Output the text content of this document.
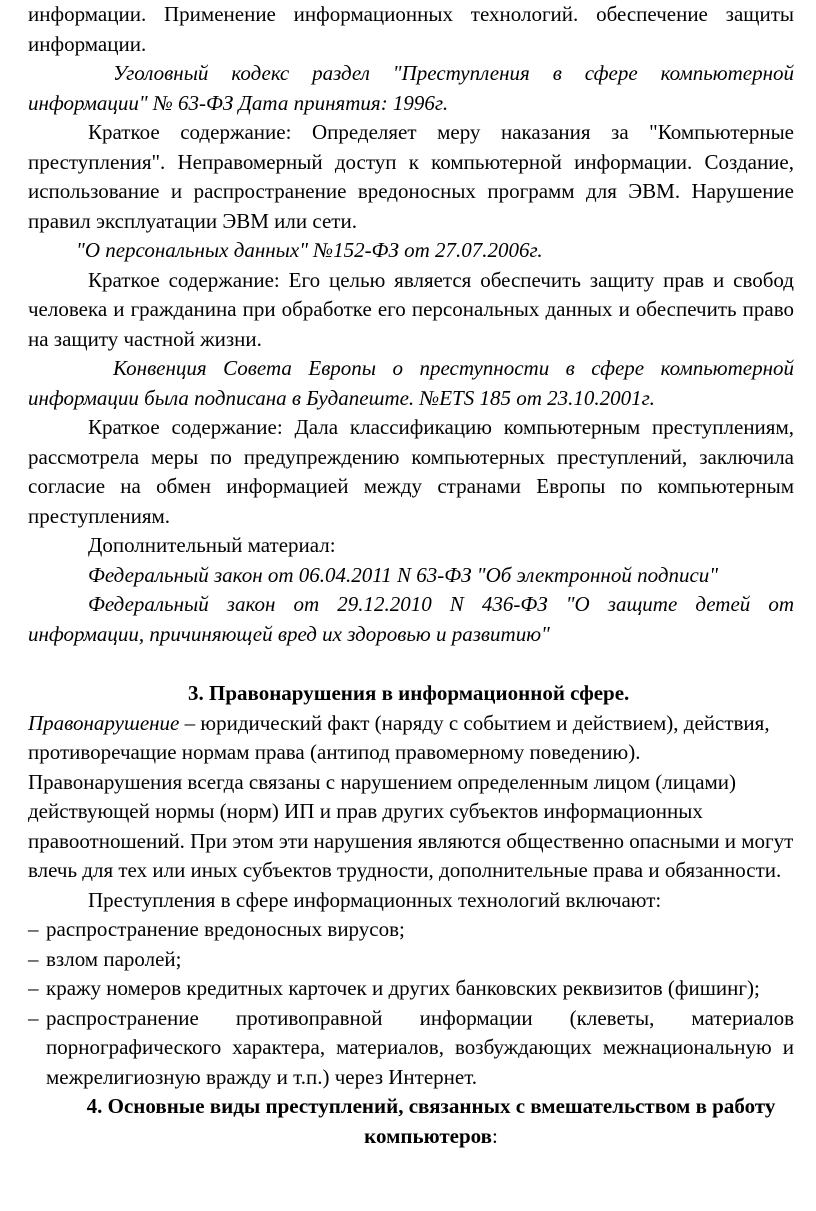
информации. Применение информационных технологий. обеспечение защиты информации.

Уголовный кодекс раздел "Преступления в сфере компьютерной информации" № 63-ФЗ Дата принятия: 1996г.

Краткое содержание: Определяет меру наказания за "Компьютерные преступления". Неправомерный доступ к компьютерной информации. Создание, использование и распространение вредоносных программ для ЭВМ. Нарушение правил эксплуатации ЭВМ или сети.

"О персональных данных" №152-ФЗ от 27.07.2006г.

Краткое содержание: Его целью является обеспечить защиту прав и свобод человека и гражданина при обработке его персональных данных и обеспечить право на защиту частной жизни.

Конвенция Совета Европы о преступности в сфере компьютерной информации была подписана в Будапеште. №ETS 185 от 23.10.2001г.

Краткое содержание: Дала классификацию компьютерным преступлениям, рассмотрела меры по предупреждению компьютерных преступлений, заключила согласие на обмен информацией между странами Европы по компьютерным преступлениям.

Дополнительный материал:

Федеральный закон от 06.04.2011 N 63-ФЗ "Об электронной подписи"

Федеральный закон от 29.12.2010 N 436-ФЗ "О защите детей от информации, причиняющей вред их здоровью и развитию"

3. Правонарушения в информационной сфере.

Правонарушение – юридический факт (наряду с событием и действием), действия, противоречащие нормам права (антипод правомерному поведению). Правонарушения всегда связаны с нарушением определенным лицом (лицами) действующей нормы (норм) ИП и прав других субъектов информационных правоотношений. При этом эти нарушения являются общественно опасными и могут влечь для тех или иных субъектов трудности, дополнительные права и обязанности.

Преступления в сфере информационных технологий включают:

– распространение вредоносных вирусов;
– взлом паролей;
– кражу номеров кредитных карточек и других банковских реквизитов (фишинг);
– распространение противоправной информации (клеветы, материалов порнографического характера, материалов, возбуждающих межнациональную и межрелигиозную вражду и т.п.) через Интернет.

4. Основные виды преступлений, связанных с вмешательством в работу компьютеров:
